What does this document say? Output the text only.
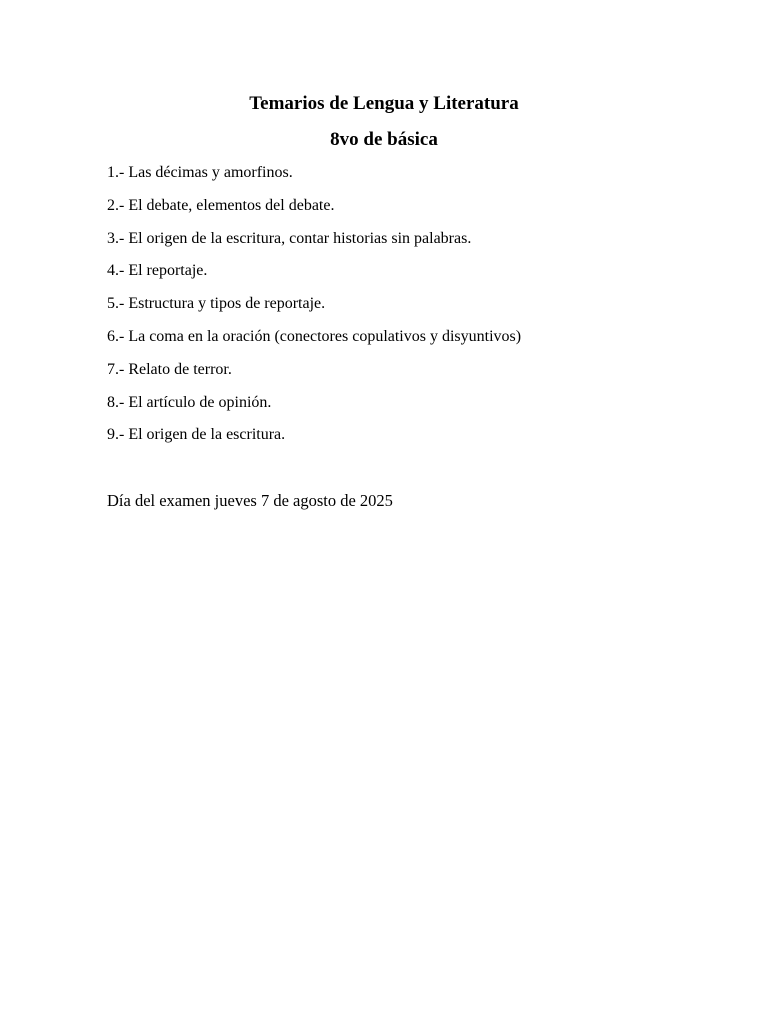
Temarios de Lengua y Literatura
8vo de básica
1.- Las décimas y amorfinos.
2.- El debate, elementos del debate.
3.- El origen de la escritura, contar historias sin palabras.
4.- El reportaje.
5.- Estructura y tipos de reportaje.
6.- La coma en la oración (conectores copulativos y disyuntivos)
7.- Relato de terror.
8.- El artículo de opinión.
9.- El origen de la escritura.

Día del examen jueves 7 de agosto de 2025
